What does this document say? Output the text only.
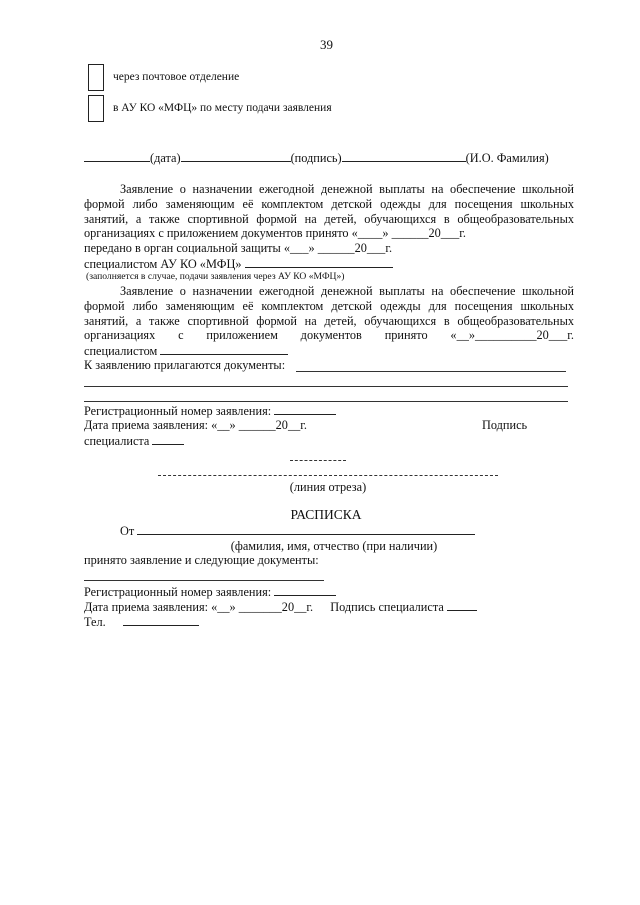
39
через почтовое отделение
в АУ КО «МФЦ» по месту подачи заявления
(дата)	(подпись)	(И.О. Фамилия)
Заявление о назначении ежегодной денежной выплаты на обеспечение школьной
формой либо заменяющим её комплектом детской одежды для посещения школьных
занятий, а также спортивной формой на детей, обучающихся в общеобразовательных
организациях с приложением документов принято «____» ______20___г.
передано в орган социальной защиты «___» ______20___г.
специалистом АУ КО «МФЦ»
(заполняется в случае, подачи заявления через АУ КО «МФЦ»)
Заявление о назначении ежегодной денежной выплаты на обеспечение школьной
формой либо заменяющим её комплектом детской одежды для посещения школьных
занятий, а также спортивной формой на детей, обучающихся в общеобразовательных
организациях с приложением документов принято «__»__________20___г.
специалистом
К заявлению прилагаются документы:
Регистрационный номер заявления:
Дата приема заявления: «__» ______20__г.	Подпись
специалиста
(линия отреза)
РАСПИСКА
От
(фамилия, имя, отчество (при наличии)
принято заявление и следующие документы:
Регистрационный номер заявления:
Дата приема заявления: «__» _______20__г. Подпись специалиста
Тел.
